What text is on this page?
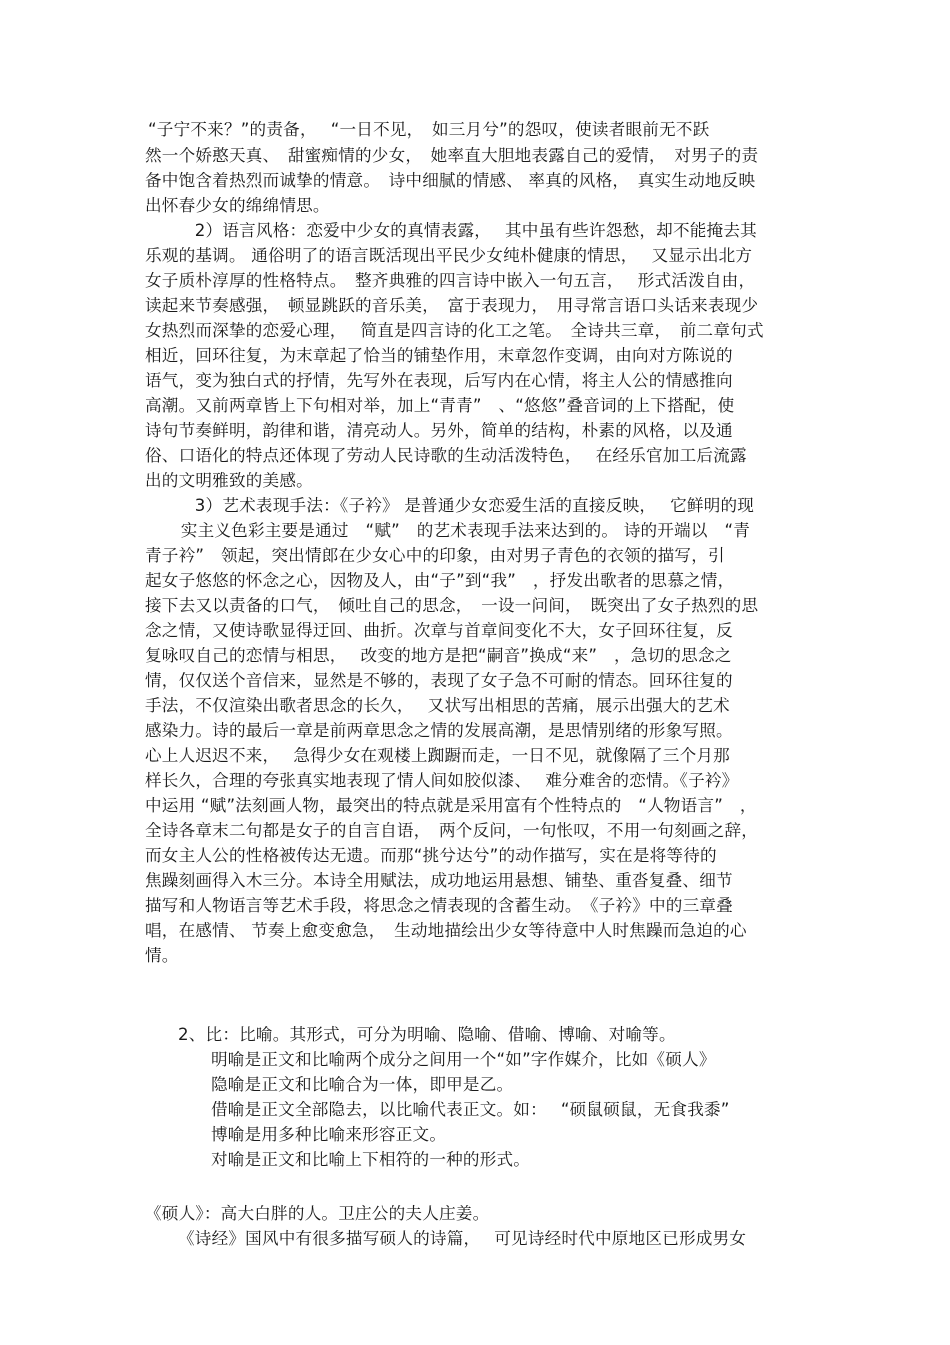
“子宁不来？”的责备，　 “一日不见，　如三月兮”的怨叹，使读者眼前无不跃
然一个娇憨天真、　甜蜜痴情的少女，　她率直大胆地表露自己的爱情，　对男子的责
备中饱含着热烈而诚挚的情意。　诗中细腻的情感、 率真的风格，　真实生动地反映
出怀春少女的绵绵情思。
　2）语言风格：恋爱中少女的真情表露，　 其中虽有些许怨愁，却不能掩去其
乐观的基调。 通俗明了的语言既活现出平民少女纯朴健康的情思，　 又显示出北方
女子质朴淳厚的性格特点。　整齐典雅的四言诗中嵌入一句五言，　 形式活泼自由，
读起来节奏感强，　顿显跳跃的音乐美，　富于表现力，　用寻常言语口头话来表现少
女热烈而深挚的恋爱心理，　 简直是四言诗的化工之笔。　全诗共三章，　前二章句式
相近，回环往复，为末章起了恰当的铺垫作用，末章忽作变调，由向对方陈说的
语气，变为独白式的抒情，先写外在表现，后写内在心情，将主人公的情感推向
高潮。又前两章皆上下句相对举，加上“青青”　、“悠悠”叠音词的上下搭配，使
诗句节奏鲜明，韵律和谐，清亮动人。另外，简单的结构，朴素的风格，以及通
俗、口语化的特点还体现了劳动人民诗歌的生动活泼特色，　 在经乐官加工后流露
出的文明雅致的美感。
　3）艺术表现手法：《子衿》 是普通少女恋爱生活的直接反映，　 它鲜明的现
　实主义色彩主要是通过　“赋”　的艺术表现手法来达到的。 诗的开端以　“青
青子衿”　领起，突出情郎在少女心中的印象，由对男子青色的衣领的描写，引
起女子悠悠的怀念之心，因物及人，由“子”到“我”　，抒发出歌者的思慕之情，
接下去又以责备的口气，　倾吐自己的思念，　一设一问间，　既突出了女子热烈的思
念之情，又使诗歌显得迂回、曲折。次章与首章间变化不大，女子回环往复，反
复咏叹自己的恋情与相思，　 改变的地方是把“嗣音”换成“来”　，急切的思念之
情，仅仅送个音信来，显然是不够的，表现了女子急不可耐的情态。回环往复的
手法，不仅渲染出歌者思念的长久，　 又状写出相思的苦痛，展示出强大的艺术
感染力。诗的最后一章是前两章思念之情的发展高潮，是思情别绪的形象写照。
心上人迟迟不来，　 急得少女在观楼上踟蹰而走，一日不见，就像隔了三个月那
样长久，合理的夸张真实地表现了情人间如胶似漆、　 难分难舍的恋情。《子衿》
中运用 “赋”法刻画人物，最突出的特点就是采用富有个性特点的　“人物语言”　，
全诗各章末二句都是女子的自言自语，　两个反问，一句怅叹，不用一句刻画之辞，
而女主人公的性格被传达无遗。而那“挑兮达兮”的动作描写，实在是将等待的
焦躁刻画得入木三分。本诗全用赋法，成功地运用悬想、铺垫、重沓复叠、细节
描写和人物语言等艺术手段，将思念之情表现的含蓄生动。　《子衿》中的三章叠
唱，在感情、 节奏上愈变愈急，　生动地描绘出少女等待意中人时焦躁而急迫的心
情。
2、比：比喻。其形式，可分为明喻、隐喻、借喻、博喻、对喻等。
明喻是正文和比喻两个成分之间用一个“如”字作媒介，比如《硕人》
隐喻是正文和比喻合为一体，即甲是乙。
借喻是正文全部隐去，以比喻代表正文。如：　 “硕鼠硕鼠，无食我黍”
博喻是用多种比喻来形容正文。
对喻是正文和比喻上下相符的一种的形式。
《硕人》：高大白胖的人。卫庄公的夫人庄姜。
《诗经》国风中有很多描写硕人的诗篇，　 可见诗经时代中原地区已形成男女
